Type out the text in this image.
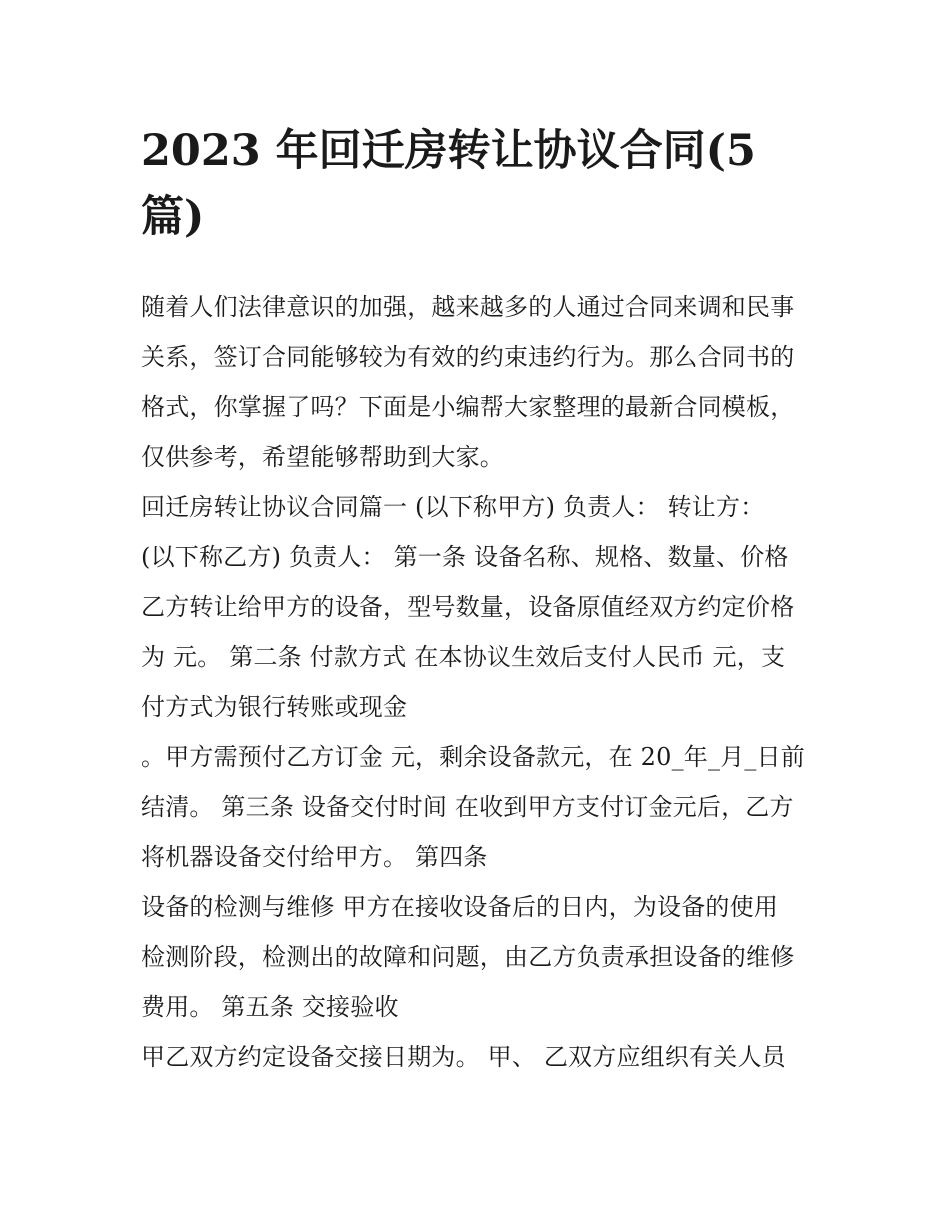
2023 年回迁房转让协议合同(5
篇)
随着人们法律意识的加强，越来越多的人通过合同来调和民事
关系，签订合同能够较为有效的约束违约行为。那么合同书的
格式，你掌握了吗？下面是小编帮大家整理的最新合同模板，
仅供参考，希望能够帮助到大家。
回迁房转让协议合同篇一 (以下称甲方) 负责人： 转让方：
(以下称乙方) 负责人： 第一条 设备名称、规格、数量、价格
乙方转让给甲方的设备，型号数量，设备原值经双方约定价格
为 元。 第二条 付款方式 在本协议生效后支付人民币 元，支
付方式为银行转账或现金
。甲方需预付乙方订金 元，剩余设备款元，在 20_年_月_日前
结清。 第三条 设备交付时间 在收到甲方支付订金元后，乙方
将机器设备交付给甲方。 第四条
设备的检测与维修 甲方在接收设备后的日内，为设备的使用
检测阶段，检测出的故障和问题，由乙方负责承担设备的维修
费用。 第五条 交接验收
甲乙双方约定设备交接日期为。 甲、 乙双方应组织有关人员
